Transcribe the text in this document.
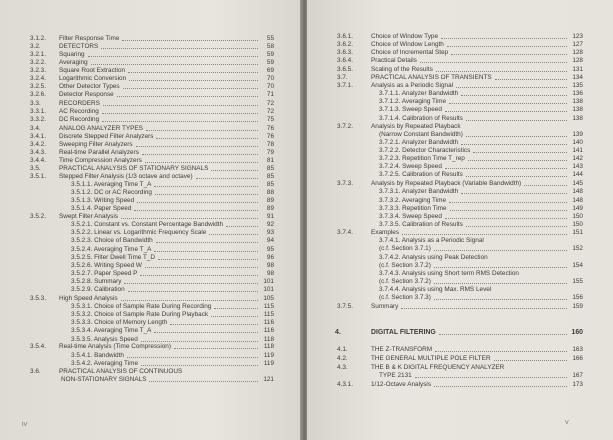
3.1.2. Filter Response Time	55
3.2.	DETECTORS	58
3.2.1. Squaring	59
3.2.2. Averaging	59
3.2.3. Square Root Extraction	69
3.2.4. Logarithmic Conversion	70
3.2.5. Other Detector Types	70
3.2.6. Detector Response	71
3.3.	RECORDERS	72
3.3.1. AC Recording	72
3.3.2. DC Recording	75
3.4.	ANALOG ANALYZER TYPES	76
3.4.1. Discrete Stepped Filter Analyzers	76
3.4.2. Sweeping Filter Analyzers	78
3.4.3. Real-time Parallel Analyzers	79
3.4.4. Time Compression Analyzers	81
3.5.	PRACTICAL ANALYSIS OF STATIONARY SIGNALS	85
3.5.1. Stepped Filter Analysis (1/3 octave and octave)	85
3.5.1.1. Averaging Time T_A	85
3.5.1.2. DC or AC Recording	88
3.5.1.3. Writing Speed	89
3.5.1.4. Paper Speed	89
3.5.2. Swept Filter Analysis	91
3.5.2.1. Constant vs. Constant Percentage Bandwidth	92
3.5.2.2. Linear vs. Logarithmic Frequency Scale	93
3.5.2.3. Choice of Bandwidth	94
3.5.2.4. Averaging Time T_A	95
3.5.2.5. Filter Dwell Time T_D	96
3.5.2.6. Writing Speed W	98
3.5.2.7. Paper Speed P	98
3.5.2.8. Summary	101
3.5.2.9. Calibration	101
3.5.3. High Speed Analysis	105
3.5.3.1. Choice of Sample Rate During Recording	115
3.5.3.2. Choice of Sample Rate During Playback	115
3.5.3.3. Choice of Memory Length	116
3.5.3.4. Averaging Time T_A	116
3.5.3.5. Analysis Speed	118
3.5.4. Real-time Analysis (Time Compression)	118
3.5.4.1. Bandwidth	119
3.5.4.2. Averaging Time	119
3.6.	PRACTICAL ANALYSIS OF CONTINUOUS
NON-STATIONARY SIGNALS	121
IV
3.6.1.	Choice of Window Type	123
3.6.2.	Choice of Window Length	127
3.6.3.	Choice of Incremental Step	128
3.6.4.	Practical Details	128
3.6.5.	Scaling of the Results	131
3.7.	PRACTICAL ANALYSIS OF TRANSIENTS	134
3.7.1.	Analysis as a Periodic Signal	135
3.7.1.1. Analyzer Bandwidth	136
3.7.1.2. Averaging Time	138
3.7.1.3. Sweep Speed	138
3.7.1.4. Calibration of Results	138
3.7.2.	Analysis by Repeated Playback
(Narrow Constant Bandwidth)	139
3.7.2.1. Analyzer Bandwidth	140
3.7.2.2. Detector Characteristics	141
3.7.2.3. Repetition Time T_rep	142
3.7.2.4. Sweep Speed	143
3.7.2.5. Calibration of Results	144
3.7.3.	Analysis by Repeated Playback (Variable Bandwidth)	145
3.7.3.1. Analyzer Bandwidth	148
3.7.3.2. Averaging Time	148
3.7.3.3. Repetition Time	149
3.7.3.4. Sweep Speed	150
3.7.3.5. Calibration of Results	150
3.7.4.	Examples	151
3.7.4.1. Analysis as a Periodic Signal
(c.f. Section 3.7.1)	152
3.7.4.2. Analysis using Peak Detection
(c.f. Section 3.7.2)	154
3.7.4.3. Analysis using Short term RMS Detection
(c.f. Section 3.7.2)	155
3.7.4.4. Analysis using Max. RMS Level
(c.f. Section 3.7.3)	156
3.7.5.	Summary	159
4.	DIGITAL FILTERING	160
4.1.	THE Z-TRANSFORM	163
4.2.	THE GENERAL MULTIPLE POLE FILTER	166
4.3.	THE B & K DIGITAL FREQUENCY ANALYZER
TYPE 2131	167
4.3.1.	1/12-Octave Analysis	173
V
